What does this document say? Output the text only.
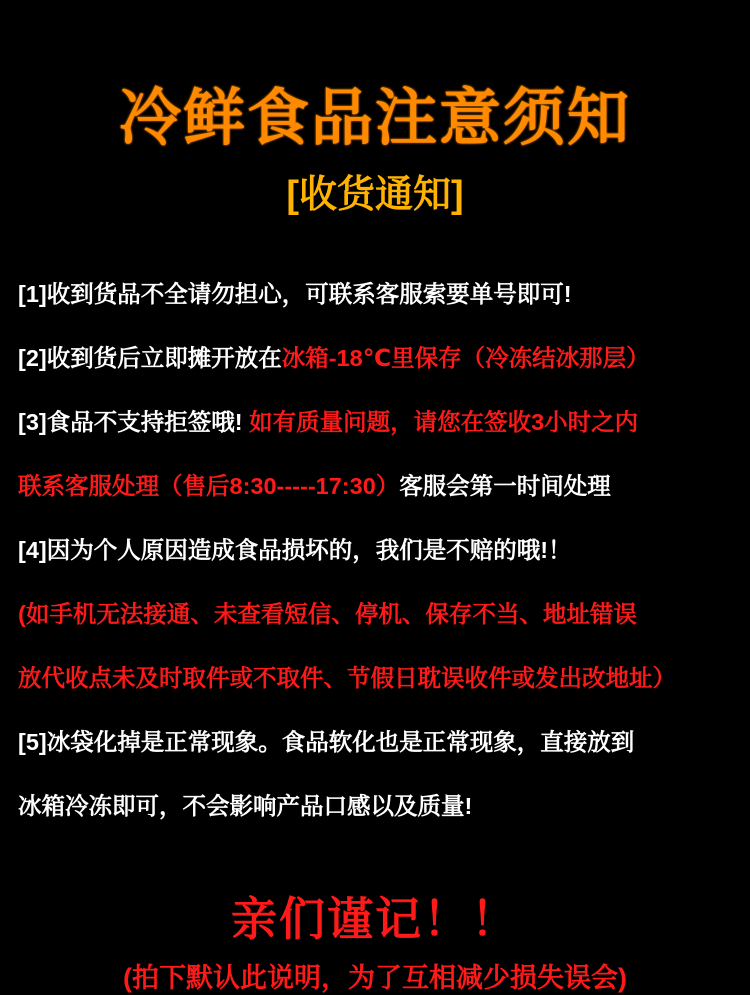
冷鲜食品注意须知
[收货通知]

[1]收到货品不全请勿担心，可联系客服索要单号即可!

[2]收到货后立即摊开放在冰箱-18℃里保存（冷冻结冰那层）

[3]食品不支持拒签哦! 如有质量问题，请您在签收3小时之内

联系客服处理（售后8:30-----17:30）客服会第一时间处理

[4]因为个人原因造成食品损坏的，我们是不赔的哦!！

(如手机无法接通、未查看短信、停机、保存不当、地址错误

放代收点未及时取件或不取件、节假日耽误收件或发出改地址）

[5]冰袋化掉是正常现象。食品软化也是正常现象，直接放到

冰箱冷冻即可，不会影响产品口感以及质量!

亲们谨记！！

(拍下默认此说明，为了互相减少损失误会)
